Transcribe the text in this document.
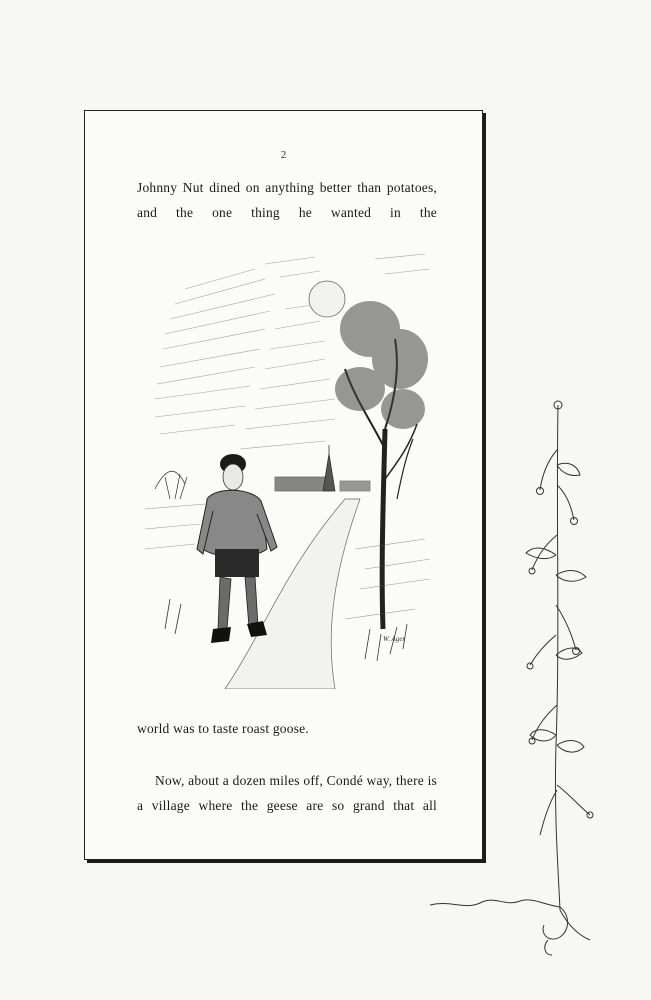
2
Johnny Nut dined on anything better than potatoes, and the one thing he wanted in the
W. Ager
world was to taste roast goose.
Now, about a dozen miles off, Condé way, there is a village where the geese are so grand that all
